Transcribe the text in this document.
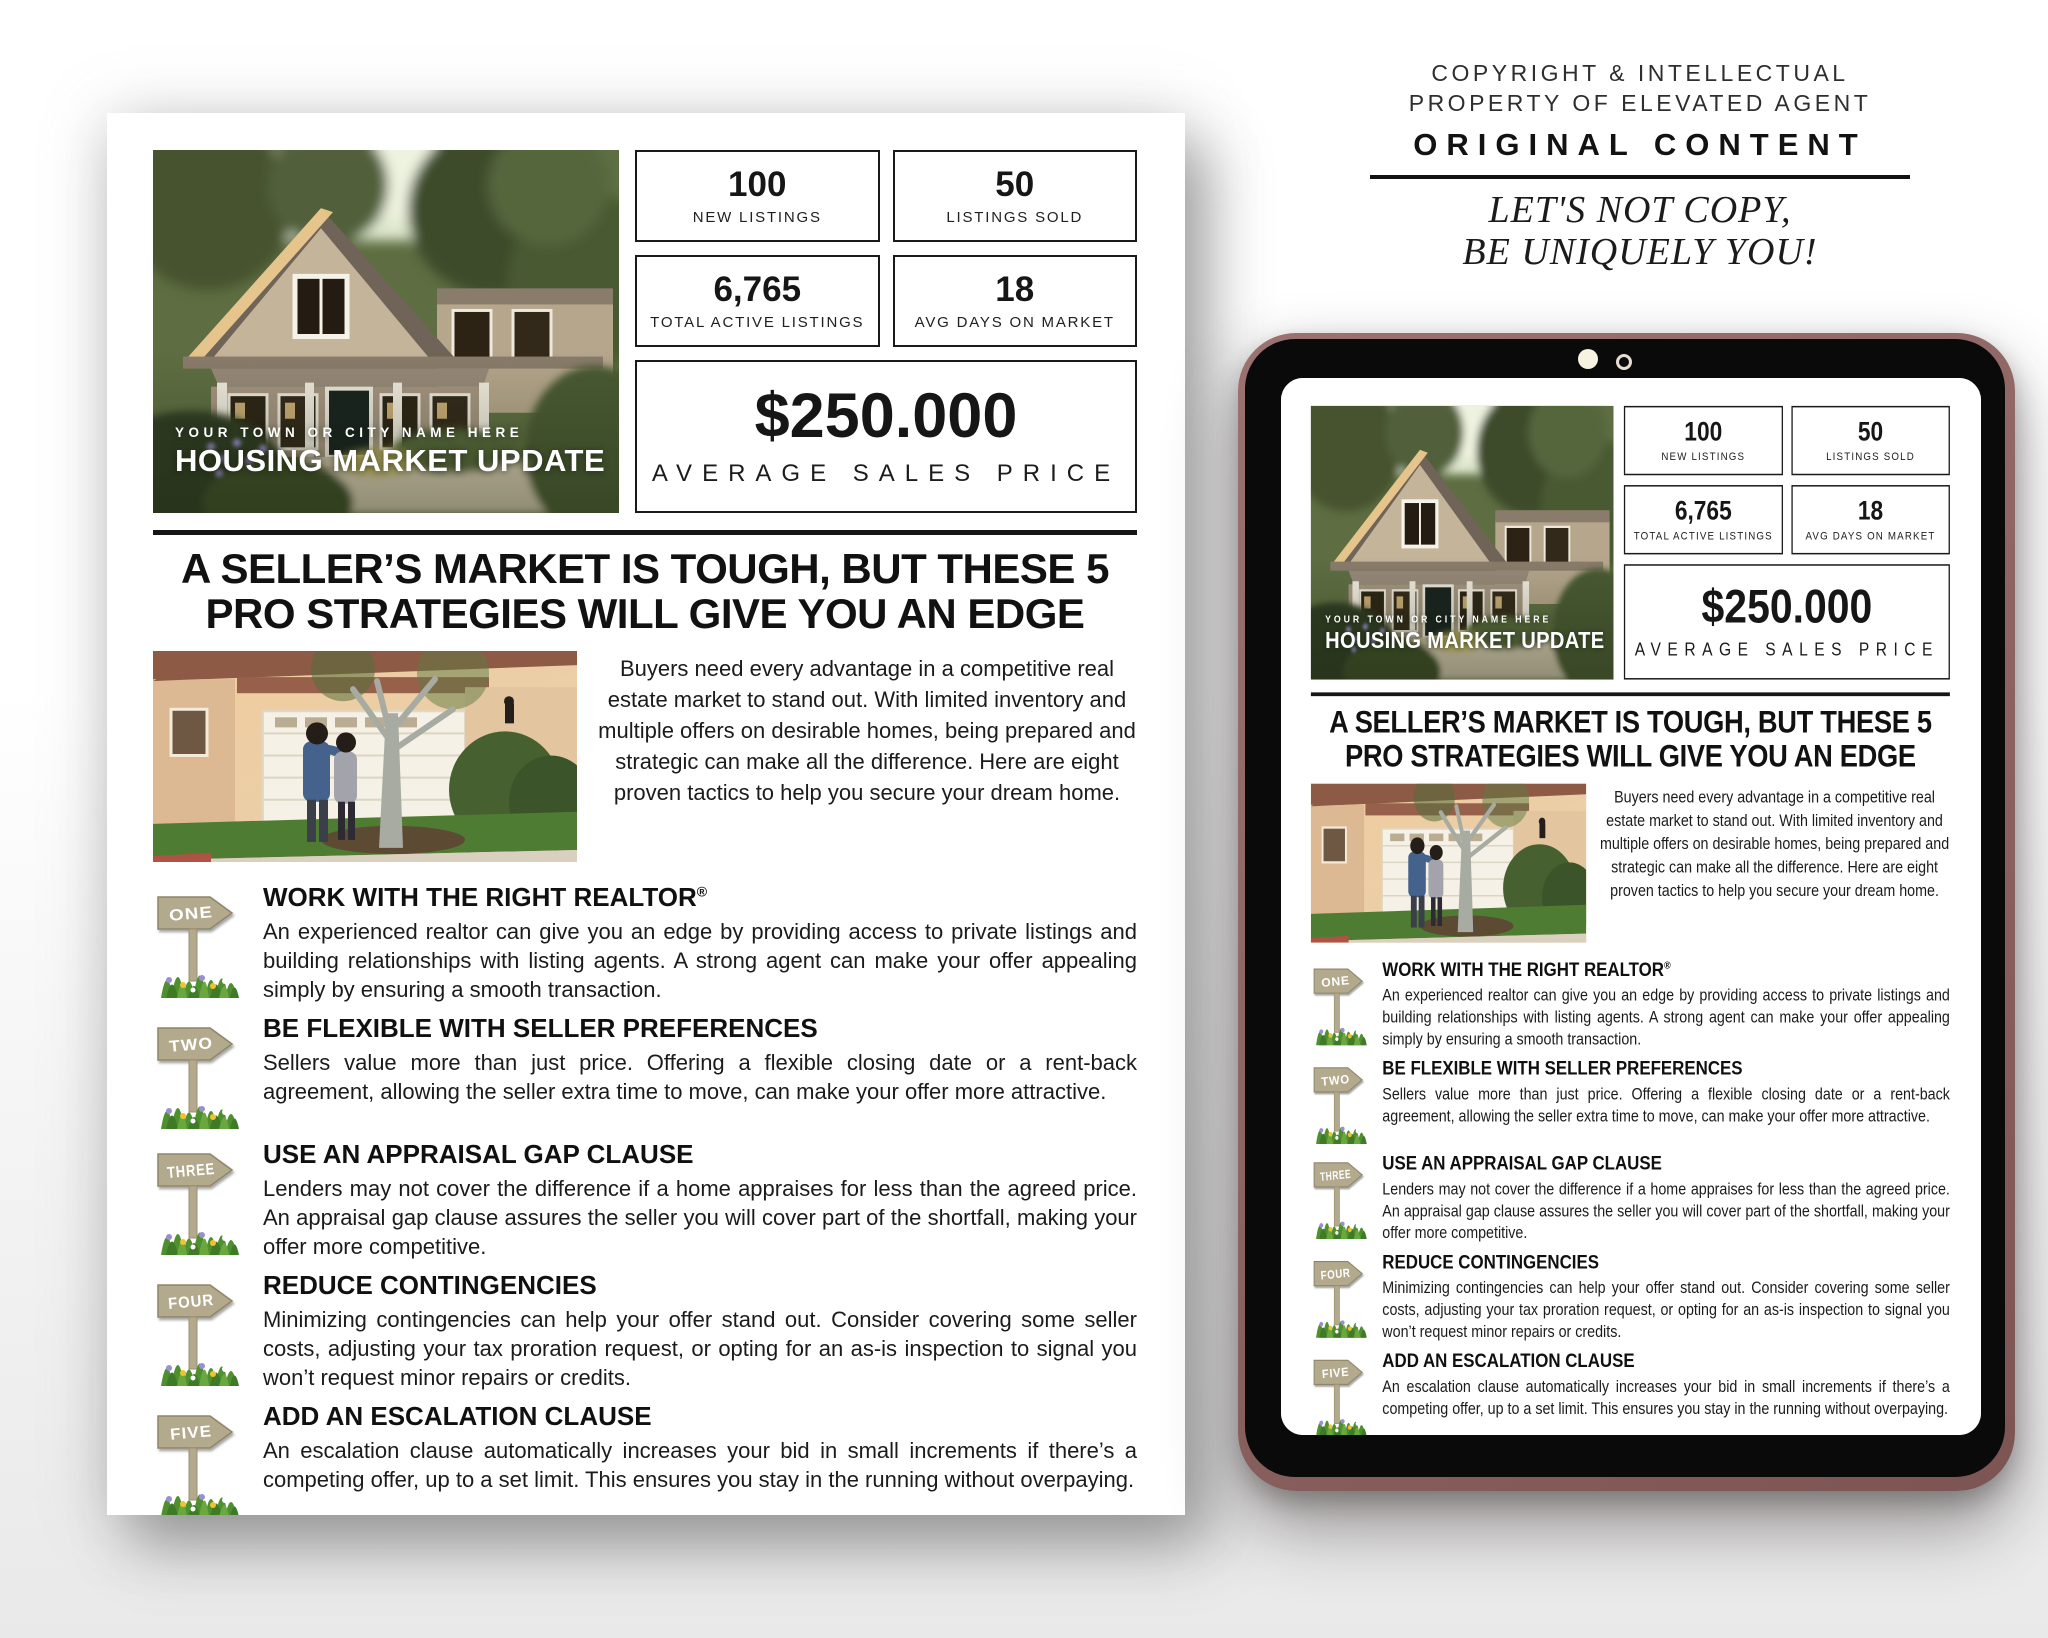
COPYRIGHT & INTELLECTUAL
PROPERTY OF ELEVATED AGENT
ORIGINAL CONTENT
LET'S NOT COPY,
BE UNIQUELY YOU!
YOUR TOWN OR CITY NAME HERE
HOUSING MARKET UPDATE
100
NEW LISTINGS
50
LISTINGS SOLD
6,765
TOTAL ACTIVE LISTINGS
18
AVG DAYS ON MARKET
$250.000
AVERAGE SALES PRICE
A SELLER’S MARKET IS TOUGH, BUT THESE 5
PRO STRATEGIES WILL GIVE YOU AN EDGE

Buyers need every advantage in a competitive real estate market to stand out. With limited inventory and multiple offers on desirable homes, being prepared and strategic can make all the difference. Here are eight proven tactics to help you secure your dream home.

ONE
WORK WITH THE RIGHT REALTOR®

An experienced realtor can give you an edge by providing access to private listings and building relationships with listing agents. A strong agent can make your offer appealing simply by ensuring a smooth transaction.

TWO
BE FLEXIBLE WITH SELLER PREFERENCES

Sellers value more than just price. Offering a flexible closing date or a rent-back agreement, allowing the seller extra time to move, can make your offer more attractive.

THREE
USE AN APPRAISAL GAP CLAUSE

Lenders may not cover the difference if a home appraises for less than the agreed price. An appraisal gap clause assures the seller you will cover part of the shortfall, making your offer more competitive.

FOUR
REDUCE CONTINGENCIES

Minimizing contingencies can help your offer stand out. Consider covering some seller costs, adjusting your tax proration request, or opting for an as-is inspection to signal you won’t request minor repairs or credits.

FIVE
ADD AN ESCALATION CLAUSE

An escalation clause automatically increases your bid in small increments if there’s a competing offer, up to a set limit. This ensures you stay in the running without overpaying.

YOUR TOWN OR CITY NAME HERE
HOUSING MARKET UPDATE
100
NEW LISTINGS
50
LISTINGS SOLD
6,765
TOTAL ACTIVE LISTINGS
18
AVG DAYS ON MARKET
$250.000
AVERAGE SALES PRICE
A SELLER’S MARKET IS TOUGH, BUT THESE 5
PRO STRATEGIES WILL GIVE YOU AN EDGE

Buyers need every advantage in a competitive real estate market to stand out. With limited inventory and multiple offers on desirable homes, being prepared and strategic can make all the difference. Here are eight proven tactics to help you secure your dream home.

ONE
WORK WITH THE RIGHT REALTOR®

An experienced realtor can give you an edge by providing access to private listings and building relationships with listing agents. A strong agent can make your offer appealing simply by ensuring a smooth transaction.

TWO
BE FLEXIBLE WITH SELLER PREFERENCES

Sellers value more than just price. Offering a flexible closing date or a rent-back agreement, allowing the seller extra time to move, can make your offer more attractive.

THREE
USE AN APPRAISAL GAP CLAUSE

Lenders may not cover the difference if a home appraises for less than the agreed price. An appraisal gap clause assures the seller you will cover part of the shortfall, making your offer more competitive.

FOUR
REDUCE CONTINGENCIES

Minimizing contingencies can help your offer stand out. Consider covering some seller costs, adjusting your tax proration request, or opting for an as-is inspection to signal you won’t request minor repairs or credits.

FIVE
ADD AN ESCALATION CLAUSE

An escalation clause automatically increases your bid in small increments if there’s a competing offer, up to a set limit. This ensures you stay in the running without overpaying.
